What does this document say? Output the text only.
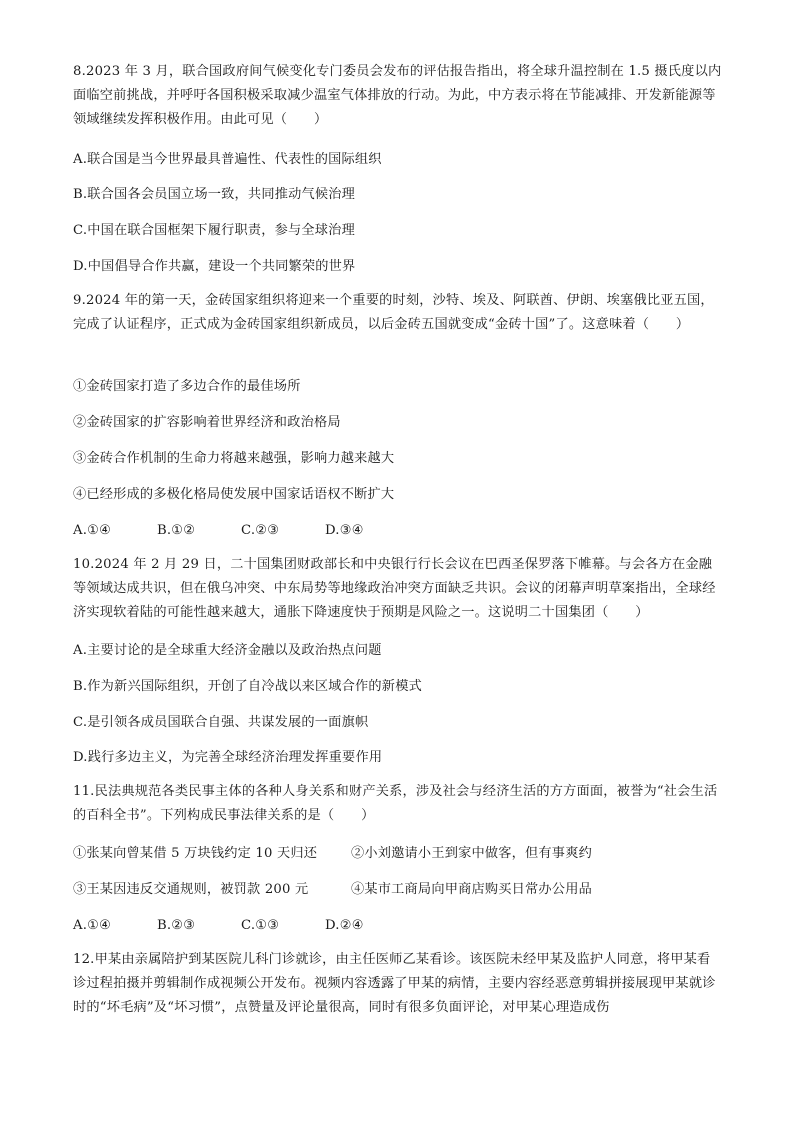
8.2023 年 3 月，联合国政府间气候变化专门委员会发布的评估报告指出，将全球升温控制在 1.5 摄氏度以内面临空前挑战，并呼吁各国积极采取减少温室气体排放的行动。为此，中方表示将在节能减排、开发新能源等领域继续发挥积极作用。由此可见（　　）
A.联合国是当今世界最具普遍性、代表性的国际组织
B.联合国各会员国立场一致，共同推动气候治理
C.中国在联合国框架下履行职责，参与全球治理
D.中国倡导合作共赢，建设一个共同繁荣的世界
9.2024 年的第一天，金砖国家组织将迎来一个重要的时刻，沙特、埃及、阿联酋、伊朗、埃塞俄比亚五国，完成了认证程序，正式成为金砖国家组织新成员，以后金砖五国就变成“金砖十国”了。这意味着（　　）
①金砖国家打造了多边合作的最佳场所
②金砖国家的扩容影响着世界经济和政治格局
③金砖合作机制的生命力将越来越强，影响力越来越大
④已经形成的多极化格局使发展中国家话语权不断扩大
A.①④	B.①②	C.②③	D.③④
10.2024 年 2 月 29 日，二十国集团财政部长和中央银行行长会议在巴西圣保罗落下帷幕。与会各方在金融等领域达成共识，但在俄乌冲突、中东局势等地缘政治冲突方面缺乏共识。会议的闭幕声明草案指出，全球经济实现软着陆的可能性越来越大，通胀下降速度快于预期是风险之一。这说明二十国集团（　　）
A.主要讨论的是全球重大经济金融以及政治热点问题
B.作为新兴国际组织，开创了自冷战以来区域合作的新模式
C.是引领各成员国联合自强、共谋发展的一面旗帜
D.践行多边主义，为完善全球经济治理发挥重要作用
11.民法典规范各类民事主体的各种人身关系和财产关系，涉及社会与经济生活的方方面面，被誉为“社会生活的百科全书”。下列构成民事法律关系的是（　　）
①张某向曾某借 5 万块钱约定 10 天归还	②小刘邀请小王到家中做客，但有事爽约
③王某因违反交通规则，被罚款 200 元	④某市工商局向甲商店购买日常办公用品
A.①④	B.②③	C.①③	D.②④
12.甲某由亲属陪护到某医院儿科门诊就诊，由主任医师乙某看诊。该医院未经甲某及监护人同意，将甲某看诊过程拍摄并剪辑制作成视频公开发布。视频内容透露了甲某的病情，主要内容经恶意剪辑拼接展现甲某就诊时的“坏毛病”及“坏习惯”，点赞量及评论量很高，同时有很多负面评论，对甲某心理造成伤
